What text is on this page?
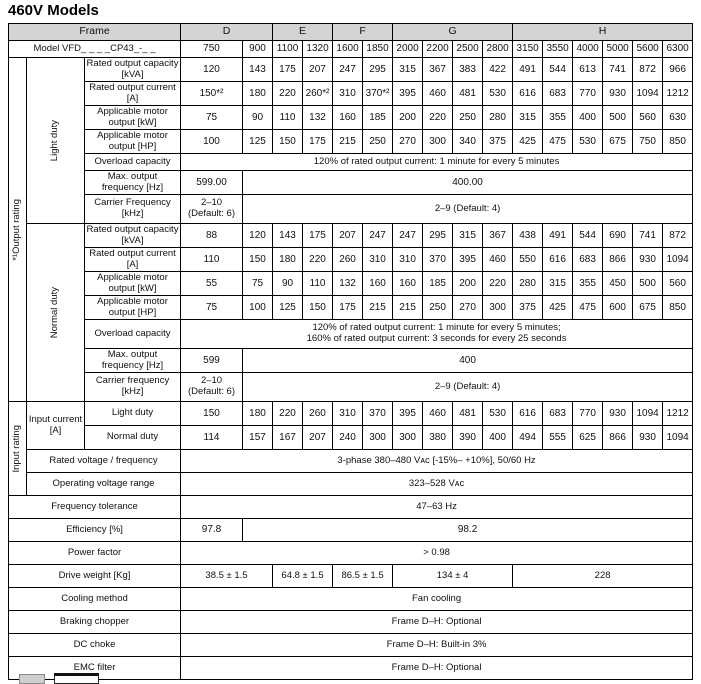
460V Models
Frame			D		E		F		G				H					
Model VFD_ _ _ _CP43_-_ _			750	900	1100	1320	1600	1850	2000	2200	2500	2800	3150	3550	4000	5000	5600	6300

*¹Output rating	Light duty	Rated output capacity [kVA]	120	143	175	207	247	295	315	367	383	422	491	544	613	741	872	966
		Rated output current [A]	150*²	180	220	260*²	310	370*²	395	460	481	530	616	683	770	930	1094	1212
		Applicable motor output [kW]	75	90	110	132	160	185	200	220	250	280	315	355	400	500	560	630
		Applicable motor output [HP]	100	125	150	175	215	250	270	300	340	375	425	475	530	675	750	850
		Overload capacity	120% of rated output current: 1 minute for every 5 minutes															
		Max. output frequency [Hz]	599.00	400.00														
		Carrier Frequency [kHz]	2–10 (Default: 6)	2–9 (Default: 4)														

	Normal duty	Rated output capacity [kVA]	88	120	143	175	207	247	247	295	315	367	438	491	544	690	741	872
		Rated output current [A]	110	150	180	220	260	310	310	370	395	460	550	616	683	866	930	1094
		Applicable motor output [kW]	55	75	90	110	132	160	160	185	200	220	280	315	355	450	500	560
		Applicable motor output [HP]	75	100	125	150	175	215	215	250	270	300	375	425	475	600	675	850
		Overload capacity	120% of rated output current: 1 minute for every 5 minutes;
160% of rated output current: 3 seconds for every 25 seconds															

		Max. output frequency [Hz]	599	400														
		Carrier frequency [kHz]	2–10 (Default: 6)	2–9 (Default: 4)														

Input rating	Input current [A]	Light duty	150	180	220	260	310	370	395	460	481	530	616	683	770	930	1094	1212
		Normal duty	114	157	167	207	240	300	300	380	390	400	494	555	625	866	930	1094
	Rated voltage / frequency		3-phase 380–480 Vᴀᴄ [-15%– +10%], 50/60 Hz															
	Operating voltage range		323–528 Vᴀᴄ															
Frequency tolerance			47–63 Hz															
Efficiency [%]			97.8	98.2														
Power factor			> 0.98															
Drive weight [Kg]			38.5 ± 1.5		64.8 ± 1.5		86.5 ± 1.5		134 ± 4				228					
Cooling method			Fan cooling															
Braking chopper			Frame D–H: Optional															
DC choke			Frame D–H: Built-in 3%															
EMC filter			Frame D–H: Optional															
